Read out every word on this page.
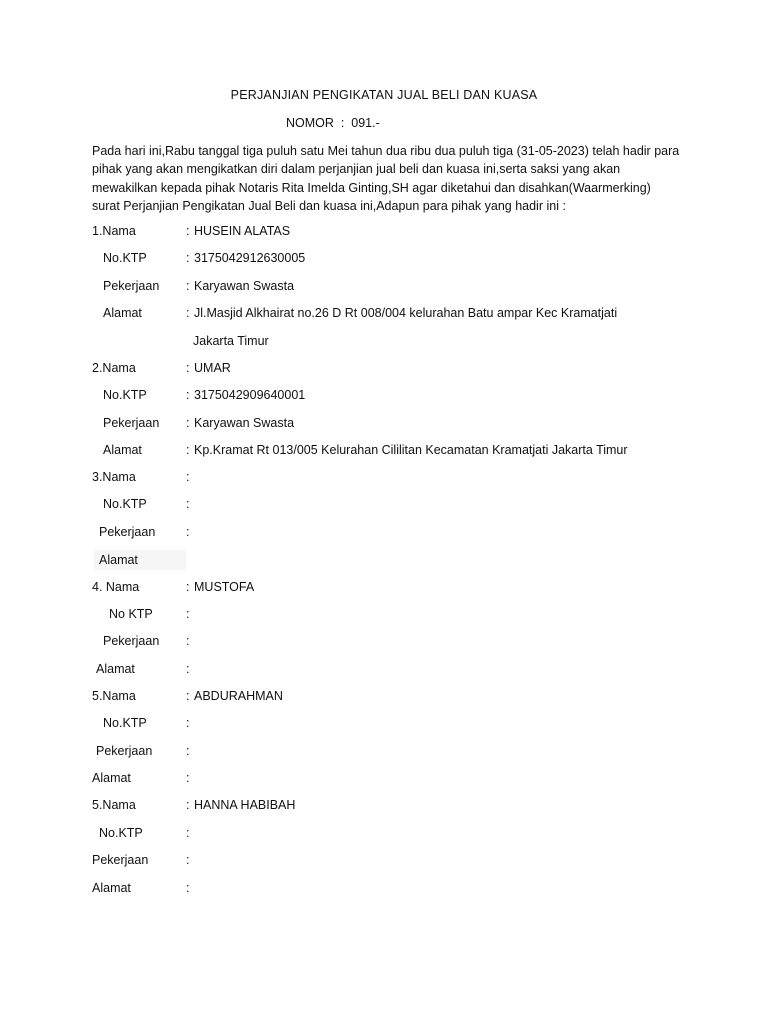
PERJANJIAN PENGIKATAN JUAL BELI DAN KUASA
NOMOR  :  091.-
Pada hari ini,Rabu tanggal tiga puluh satu Mei tahun dua ribu dua puluh tiga (31-05-2023) telah hadir para pihak yang akan mengikatkan diri dalam perjanjian jual beli dan kuasa ini,serta saksi yang akan mewakilkan kepada pihak Notaris Rita Imelda Ginting,SH agar diketahui dan disahkan(Waarmerking) surat Perjanjian Pengikatan Jual Beli dan kuasa ini,Adapun para pihak yang hadir ini :
1.Nama	: HUSEIN ALATAS
No.KTP	: 3175042912630005
Pekerjaan : Karyawan Swasta
Alamat	: Jl.Masjid Alkhairat no.26 D Rt 008/004 kelurahan Batu ampar Kec Kramatjati
Jakarta Timur
2.Nama	: UMAR
No.KTP	: 3175042909640001
Pekerjaan : Karyawan Swasta
Alamat	: Kp.Kramat Rt 013/005 Kelurahan Cililitan Kecamatan Kramatjati Jakarta Timur
3.Nama	:
No.KTP	:
Pekerjaan :
Alamat
4. Nama	: MUSTOFA
No KTP	:
Pekerjaan :
Alamat	:
5.Nama	: ABDURAHMAN
No.KTP	:
Pekerjaan	:
Alamat	:
5.Nama	: HANNA HABIBAH
No.KTP	:
Pekerjaan	:
Alamat	:
